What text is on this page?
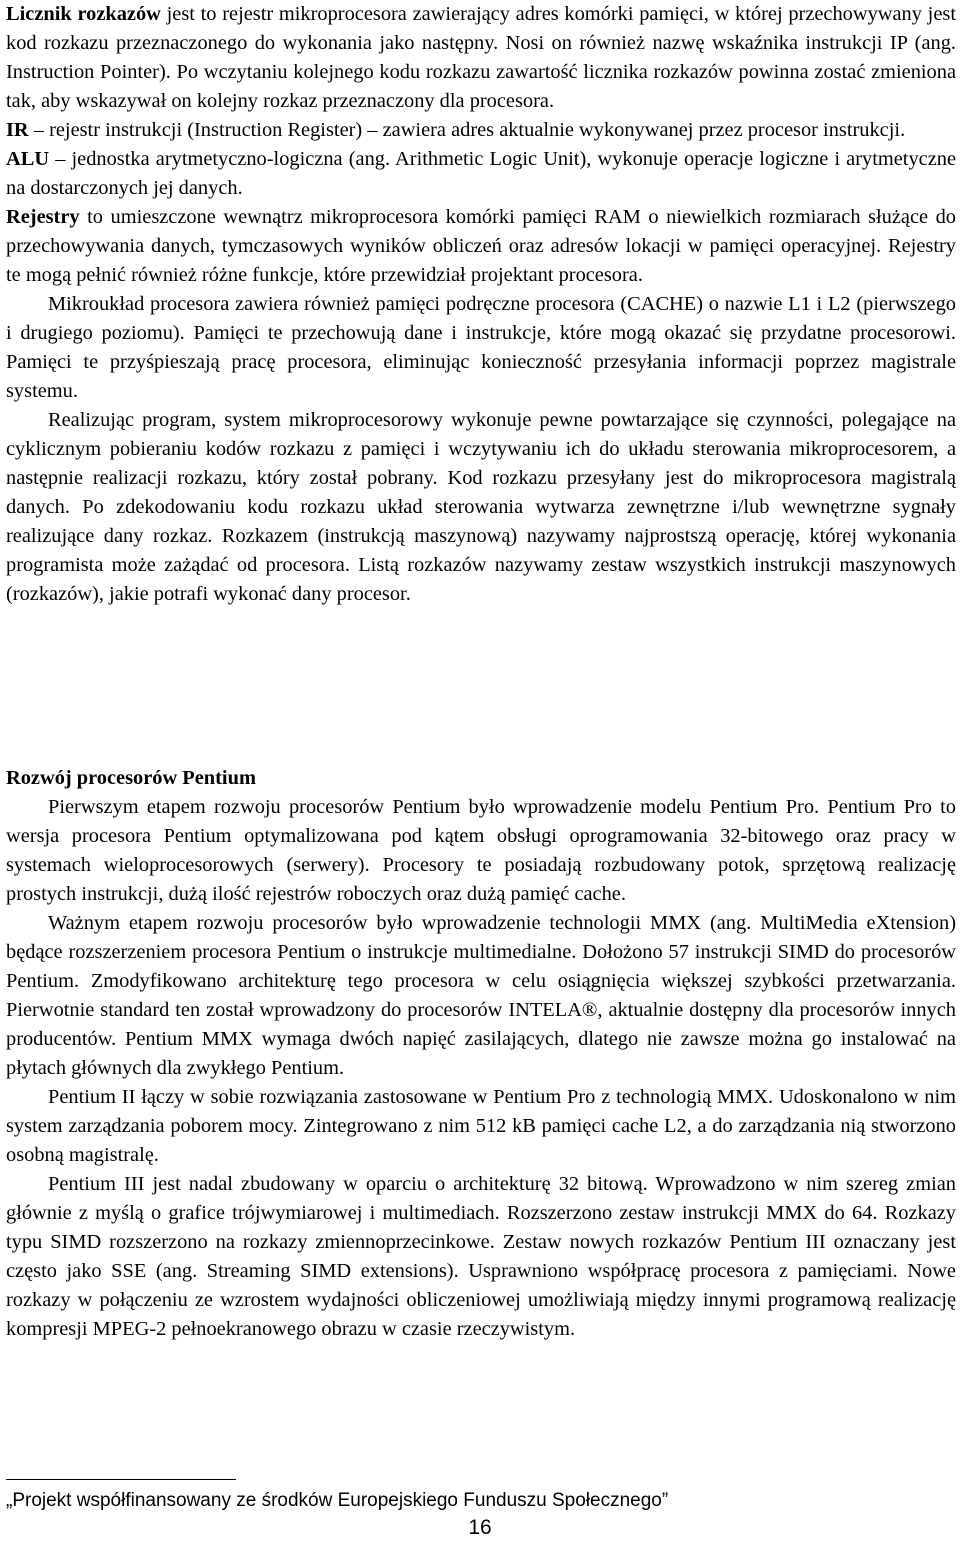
Licznik rozkazów jest to rejestr mikroprocesora zawierający adres komórki pamięci, w której przechowywany jest kod rozkazu przeznaczonego do wykonania jako następny. Nosi on również nazwę wskaźnika instrukcji IP (ang. Instruction Pointer). Po wczytaniu kolejnego kodu rozkazu zawartość licznika rozkazów powinna zostać zmieniona tak, aby wskazywał on kolejny rozkaz przeznaczony dla procesora.

IR – rejestr instrukcji (Instruction Register) – zawiera adres aktualnie wykonywanej przez procesor instrukcji.

ALU – jednostka arytmetyczno-logiczna (ang. Arithmetic Logic Unit), wykonuje operacje logiczne i arytmetyczne na dostarczonych jej danych.

Rejestry to umieszczone wewnątrz mikroprocesora komórki pamięci RAM o niewielkich rozmiarach służące do przechowywania danych, tymczasowych wyników obliczeń oraz adresów lokacji w pamięci operacyjnej. Rejestry te mogą pełnić również różne funkcje, które przewidział projektant procesora.

Mikroukład procesora zawiera również pamięci podręczne procesora (CACHE) o nazwie L1 i L2 (pierwszego i drugiego poziomu). Pamięci te przechowują dane i instrukcje, które mogą okazać się przydatne procesorowi. Pamięci te przyśpieszają pracę procesora, eliminując konieczność przesyłania informacji poprzez magistrale systemu.

Realizując program, system mikroprocesorowy wykonuje pewne powtarzające się czynności, polegające na cyklicznym pobieraniu kodów rozkazu z pamięci i wczytywaniu ich do układu sterowania mikroprocesorem, a następnie realizacji rozkazu, który został pobrany. Kod rozkazu przesyłany jest do mikroprocesora magistralą danych. Po zdekodowaniu kodu rozkazu układ sterowania wytwarza zewnętrzne i/lub wewnętrzne sygnały realizujące dany rozkaz. Rozkazem (instrukcją maszynową) nazywamy najprostszą operację, której wykonania programista może zażądać od procesora. Listą rozkazów nazywamy zestaw wszystkich instrukcji maszynowych (rozkazów), jakie potrafi wykonać dany procesor.

Rozwój procesorów Pentium

Pierwszym etapem rozwoju procesorów Pentium było wprowadzenie modelu Pentium Pro. Pentium Pro to wersja procesora Pentium optymalizowana pod kątem obsługi oprogramowania 32-bitowego oraz pracy w systemach wieloprocesorowych (serwery). Procesory te posiadają rozbudowany potok, sprzętową realizację prostych instrukcji, dużą ilość rejestrów roboczych oraz dużą pamięć cache.

Ważnym etapem rozwoju procesorów było wprowadzenie technologii MMX (ang. MultiMedia eXtension) będące rozszerzeniem procesora Pentium o instrukcje multimedialne. Dołożono 57 instrukcji SIMD do procesorów Pentium. Zmodyfikowano architekturę tego procesora w celu osiągnięcia większej szybkości przetwarzania. Pierwotnie standard ten został wprowadzony do procesorów INTELA®, aktualnie dostępny dla procesorów innych producentów. Pentium MMX wymaga dwóch napięć zasilających, dlatego nie zawsze można go instalować na płytach głównych dla zwykłego Pentium.

Pentium II łączy w sobie rozwiązania zastosowane w Pentium Pro z technologią MMX. Udoskonalono w nim system zarządzania poborem mocy. Zintegrowano z nim 512 kB pamięci cache L2, a do zarządzania nią stworzono osobną magistralę.

Pentium III jest nadal zbudowany w oparciu o architekturę 32 bitową. Wprowadzono w nim szereg zmian głównie z myślą o grafice trójwymiarowej i multimediach. Rozszerzono zestaw instrukcji MMX do 64. Rozkazy typu SIMD rozszerzono na rozkazy zmiennoprzecinkowe. Zestaw nowych rozkazów Pentium III oznaczany jest często jako SSE (ang. Streaming SIMD extensions). Usprawniono współpracę procesora z pamięciami. Nowe rozkazy w połączeniu ze wzrostem wydajności obliczeniowej umożliwiają między innymi programową realizację kompresji MPEG-2 pełnoekranowego obrazu w czasie rzeczywistym.

„Projekt współfinansowany ze środków Europejskiego Funduszu Społecznego”
16
